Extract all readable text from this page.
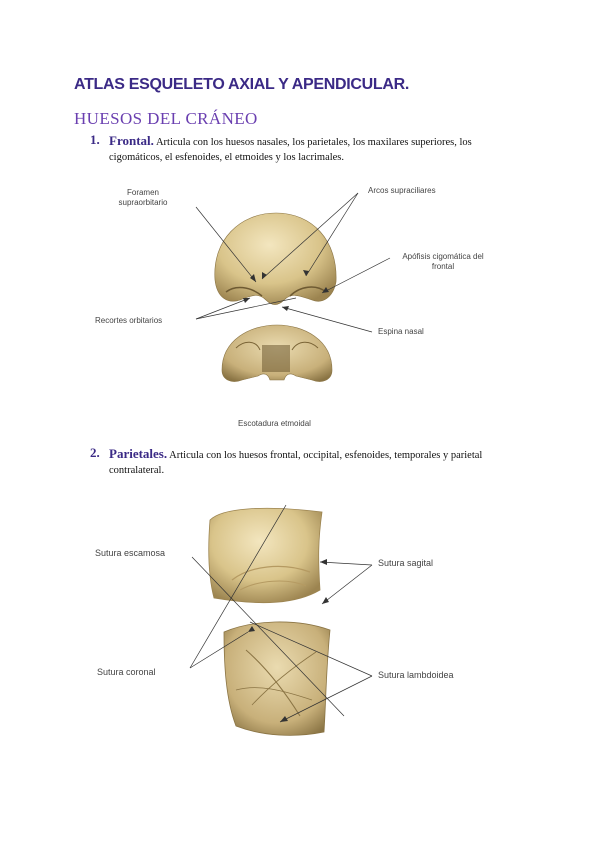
ATLAS ESQUELETO AXIAL Y APENDICULAR.
HUESOS DEL CRÁNEO
1. Frontal. Articula con los huesos nasales, los parietales, los maxilares superiores, los cigomáticos, el esfenoides, el etmoides y los lacrimales.
2. Parietales. Articula con los huesos frontal, occipital, esfenoides, temporales y parietal contralateral.
Foramen supraorbitario
Arcos supraciliares
Apófisis cigomática del frontal
Recortes orbitarios
Espina nasal
Escotadura etmoidal
Sutura escamosa
Sutura sagital
Sutura coronal	Sutura lambdoidea
